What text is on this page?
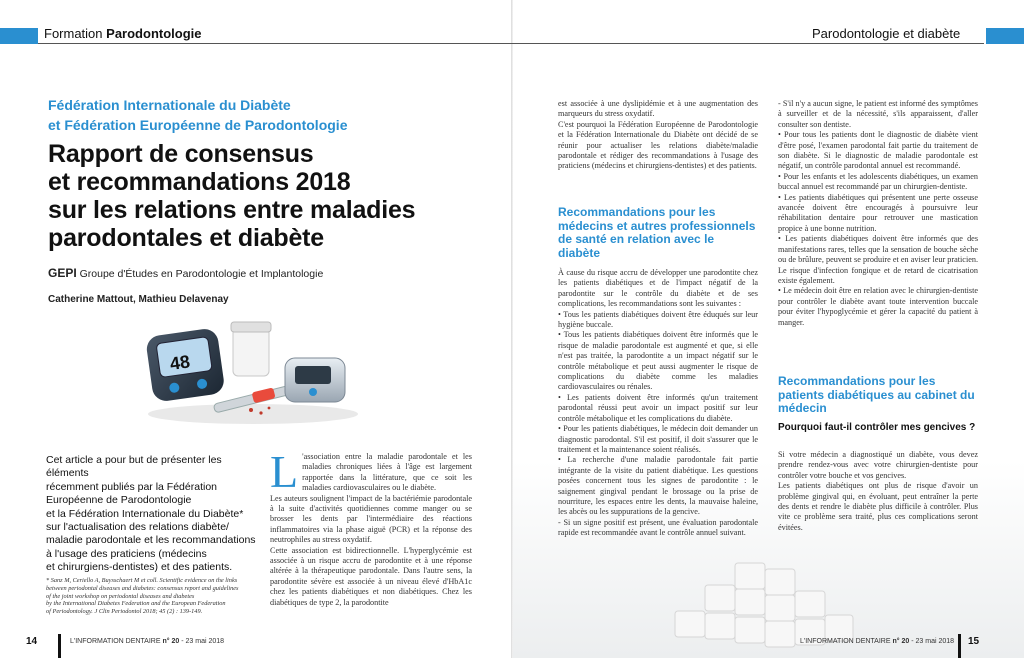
Formation Parodontologie	Parodontologie et diabète
Fédération Internationale du Diabète
et Fédération Européenne de Parodontologie
Rapport de consensus
et recommandations 2018
sur les relations entre maladies
parodontales et diabète
GEPI Groupe d'Études en Parodontologie et Implantologie
Catherine Mattout, Mathieu Delavenay
48
Cet article a pour but de présenter les éléments
récemment publiés par la Fédération
Européenne de Parodontologie
et la Fédération Internationale du Diabète*
sur l'actualisation des relations diabète/
maladie parodontale et les recommandations
à l'usage des praticiens (médecins
et chirurgiens-dentistes) et des patients.
* Sanz M, Ceriello A, Buysschaert M et coll. Scientific evidence on the links
between periodontal diseases and diabetes: consensus report and guidelines
of the joint workshop on periodontal diseases and diabetes
by the International Diabetes Federation and the European Federation
of Periodontology. J Clin Periodontol 2018; 45 (2) : 139-149.

L 'association entre la maladie parodontale et les maladies chroniques liées à l'âge est largement rapportée dans la littérature, que ce soit les maladies cardiovasculaires ou le diabète.

Les auteurs soulignent l'impact de la bactériémie parodontale à la suite d'activités quotidiennes comme manger ou se brosser les dents par l'intermédiaire des réactions inflammatoires via la phase aiguë (PCR) et la réponse des neutrophiles au stress oxydatif.

Cette association est bidirectionnelle. L'hyperglycémie est associée à un risque accru de parodontite et à une réponse altérée à la thérapeutique parodontale. Dans l'autre sens, la parodontite sévère est associée à un niveau élevé d'HbA1c chez les patients diabétiques et non diabétiques. Chez les diabétiques de type 2, la parodontite

est associée à une dyslipidémie et à une augmentation des marqueurs du stress oxydatif.

C'est pourquoi la Fédération Européenne de Parodontologie et la Fédération Internationale du Diabète ont décidé de se réunir pour actualiser les relations diabète/maladie parodontale et rédiger des recommandations à l'usage des praticiens (médecins et chirurgiens-dentistes) et des patients.

Recommandations pour les médecins et autres professionnels de santé en relation avec le diabète

À cause du risque accru de développer une parodontite chez les patients diabétiques et de l'impact négatif de la parodontite sur le contrôle du diabète et de ses complications, les recommandations sont les suivantes :

• Tous les patients diabétiques doivent être éduqués sur leur hygiène buccale.

• Tous les patients diabétiques doivent être informés que le risque de maladie parodontale est augmenté et que, si elle n'est pas traitée, la parodontite a un impact négatif sur le contrôle métabolique et peut aussi augmenter le risque de complications du diabète comme les maladies cardiovasculaires ou rénales.

• Les patients doivent être informés qu'un traitement parodontal réussi peut avoir un impact positif sur leur contrôle métabolique et les complications du diabète.

• Pour les patients diabétiques, le médecin doit demander un diagnostic parodontal. S'il est positif, il doit s'assurer que le traitement et la maintenance soient réalisés.

• La recherche d'une maladie parodontale fait partie intégrante de la visite du patient diabétique. Les questions posées concernent tous les signes de parodontite : le saignement gingival pendant le brossage ou la prise de nourriture, les espaces entre les dents, la mauvaise haleine, les abcès ou les suppurations de la gencive.

- Si un signe positif est présent, une évaluation parodontale rapide est recommandée avant le contrôle annuel suivant.

- S'il n'y a aucun signe, le patient est informé des symptômes à surveiller et de la nécessité, s'ils apparaissent, d'aller consulter son dentiste.

• Pour tous les patients dont le diagnostic de diabète vient d'être posé, l'examen parodontal fait partie du traitement de son diabète. Si le diagnostic de maladie parodontale est négatif, un contrôle parodontal annuel est recommandé.

• Pour les enfants et les adolescents diabétiques, un examen buccal annuel est recommandé par un chirurgien-dentiste.

• Les patients diabétiques qui présentent une perte osseuse avancée doivent être encouragés à poursuivre leur réhabilitation dentaire pour retrouver une mastication propice à une bonne nutrition.

• Les patients diabétiques doivent être informés que des manifestations rares, telles que la sensation de bouche sèche ou de brûlure, peuvent se produire et en aviser leur praticien. Le risque d'infection fongique et de retard de cicatrisation existe également.

• Le médecin doit être en relation avec le chirurgien-dentiste pour contrôler le diabète avant toute intervention buccale pour éviter l'hypoglycémie et gérer la capacité du patient à manger.

Recommandations pour les patients diabétiques au cabinet du médecin
Pourquoi faut-il contrôler mes gencives ?

Si votre médecin a diagnostiqué un diabète, vous devez prendre rendez-vous avec votre chirurgien-dentiste pour contrôler votre bouche et vos gencives.

Les patients diabétiques ont plus de risque d'avoir un problème gingival qui, en évoluant, peut entraîner la perte des dents et rendre le diabète plus difficile à contrôler. Plus vite ce problème sera traité, plus ces complications seront évitées.

14	L'INFORMATION DENTAIRE n° 20 - 23 mai 2018	L'INFORMATION DENTAIRE n° 20 - 23 mai 2018 15
